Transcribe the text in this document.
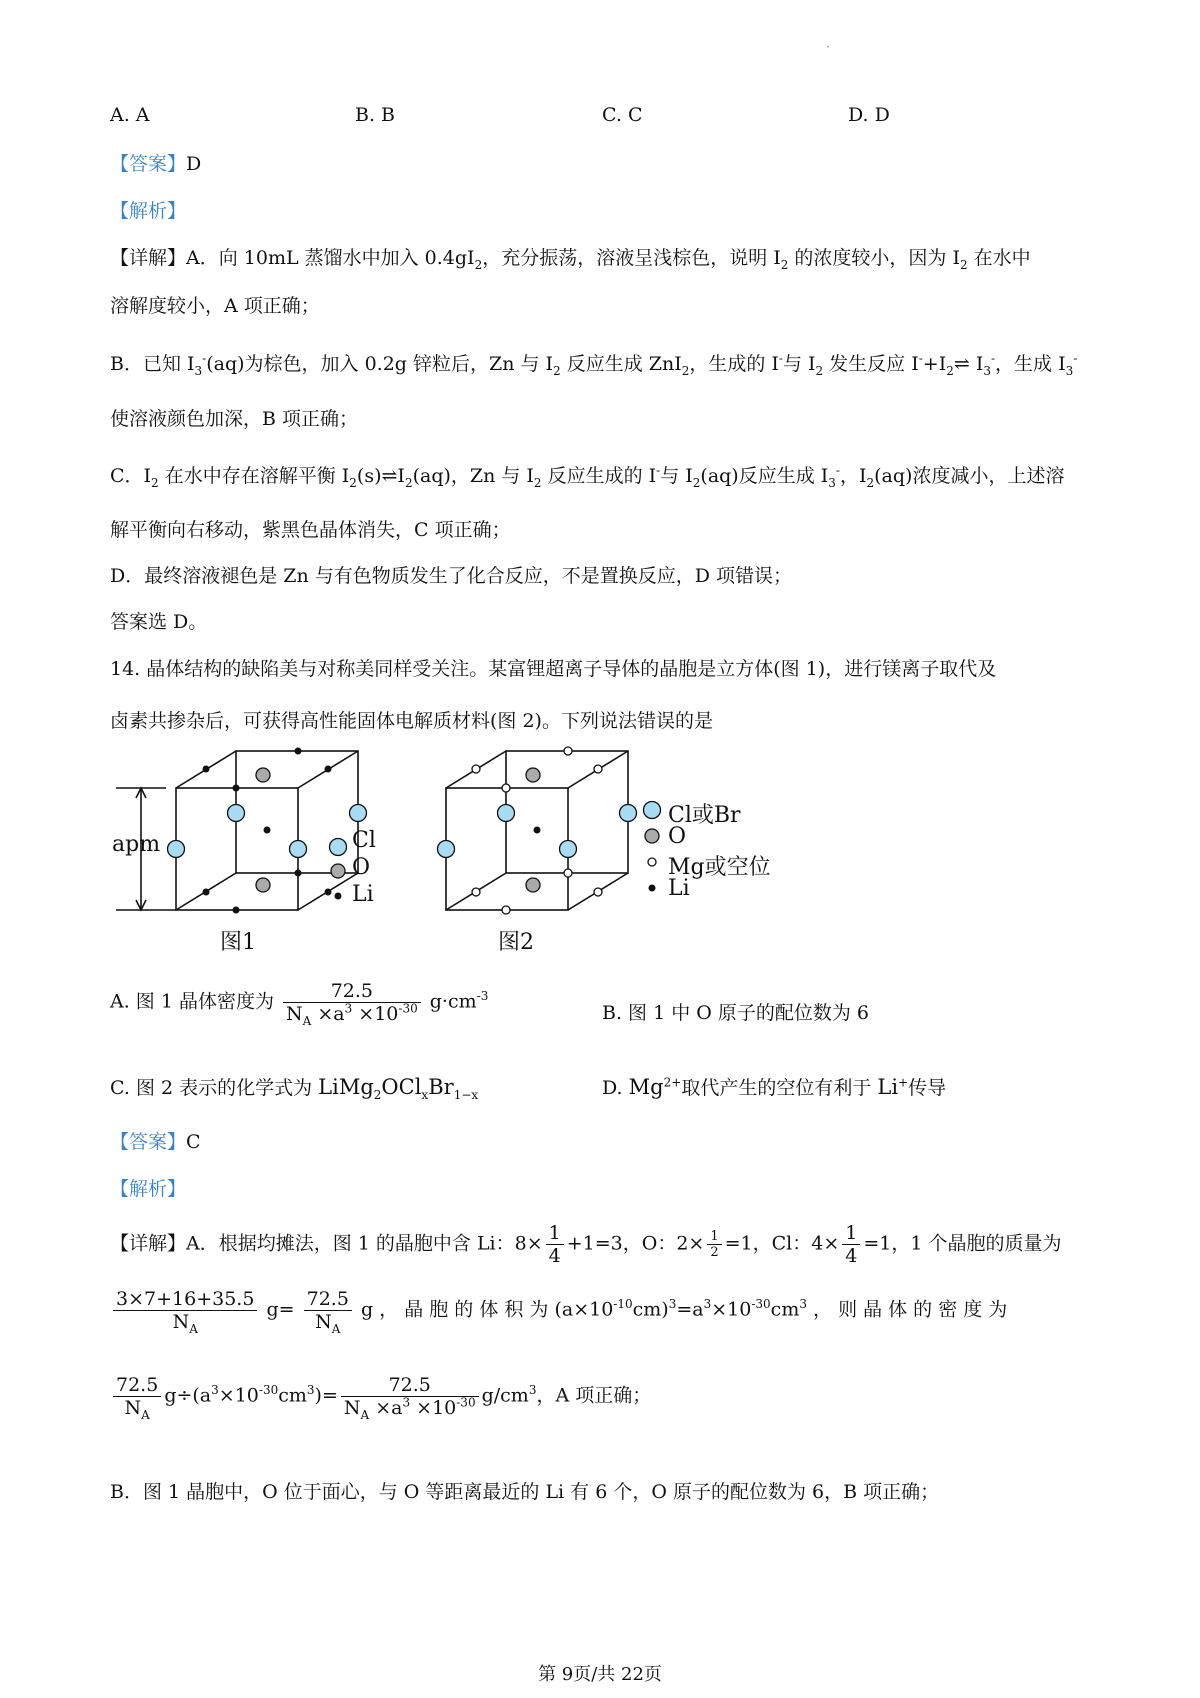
·
A. A	B. B	C. C	D. D
【答案】D
【解析】
【详解】A．向 10mL 蒸馏水中加入 $0.4gI_2$，充分振荡，溶液呈浅棕色，说明 $I_2$ 的浓度较小，因为 $I_2$ 在水中
溶解度较小，A 项正确；
B．已知 $I_3^-(aq)$为棕色，加入 0.2g 锌粒后，Zn 与 $I_2$ 反应生成 ZnI$_2$，生成的 I-与 $I_2$ 发生反应 $I^-+I_2\rightleftharpoons$ $I_3^-$，生成 $I_3^-$
使溶液颜色加深，B 项正确；
C．$I_2$ 在水中存在溶解平衡 $I_2(s)\rightleftharpoons I_2(aq)$，Zn 与 $I_2$ 反应生成的 I-与 $I_2(aq)$反应生成 $I_3^-$，$I_2(aq)$浓度减小，上述溶
解平衡向右移动，紫黑色晶体消失，C 项正确；
D．最终溶液褪色是 Zn 与有色物质发生了化合反应，不是置换反应，D 项错误；
答案选 D。
14. 晶体结构的缺陷美与对称美同样受关注。某富锂超离子导体的晶胞是立方体(图 1)，进行镁离子取代及
卤素共掺杂后，可获得高性能固体电解质材料(图 2)。下列说法错误的是
apm	Cl
O
Li
图1
Cl或Br
O
Mg或空位
Li
图2
A. 图 1 晶体密度为 $\frac{72.5}{N_A \times a^3 \times 10^{-30}} g\cdot cm^{-3}$
B. 图 1 中 O 原子的配位数为 6
C. 图 2 表示的化学式为 $LiMg_2OCl_xBr_{1-x}$	D. $Mg^{2+}$取代产生的空位有利于 Li+传导
【答案】C
【解析】
【详解】A．根据均摊法，图 1 的晶胞中含 Li：$8\times \frac{1}{4} +1=3$，O：$2\times \frac{1}{2} =1$，Cl：$4\times \frac{1}{4} =1$，1 个晶胞的质量为
$\frac{3\times 7+16+35.5}{N_A} g= \frac{72.5}{N_A}$ g ， 晶 胞 的 体 积 为 $(a\times 10^{-10}cm)^3=a^3\times 10^{-30}cm^3$ ， 则 晶 体 的 密 度 为
$\frac{72.5}{N_A} g\div(a^3\times 10^{-30}cm^3)= \frac{72.5}{N_A \times a^3 \times 10^{-30}} g/cm^3$，A 项正确；
B．图 1 晶胞中，O 位于面心，与 O 等距离最近的 Li 有 6 个，O 原子的配位数为 6，B 项正确；
第 9页/共 22页
